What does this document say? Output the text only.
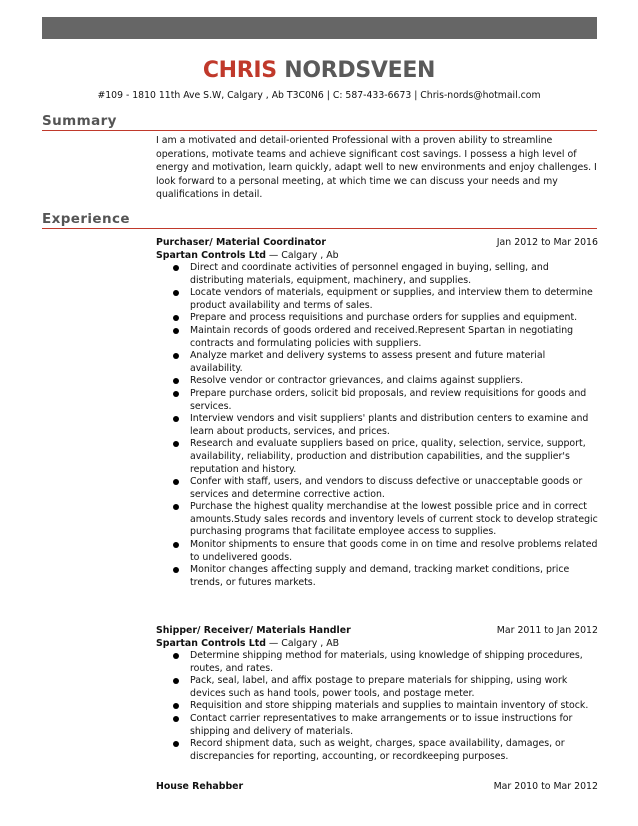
CHRIS NORDSVEEN
#109 - 1810 11th Ave S.W, Calgary , Ab T3C0N6 | C: 587-433-6673 | Chris-nords@hotmail.com
Summary
I am a motivated and detail-oriented Professional with a proven ability to streamline operations, motivate teams and achieve significant cost savings. I possess a high level of energy and motivation, learn quickly, adapt well to new environments and enjoy challenges. I look forward to a personal meeting, at which time we can discuss your needs and my qualifications in detail.
Experience
Purchaser/ Material Coordinator	Jan 2012 to Mar 2016
Spartan Controls Ltd — Calgary , Ab
Direct and coordinate activities of personnel engaged in buying, selling, and distributing materials, equipment, machinery, and supplies.
Locate vendors of materials, equipment or supplies, and interview them to determine product availability and terms of sales.
Prepare and process requisitions and purchase orders for supplies and equipment.
Maintain records of goods ordered and received.Represent Spartan in negotiating contracts and formulating policies with suppliers.
Analyze market and delivery systems to assess present and future material availability.
Resolve vendor or contractor grievances, and claims against suppliers.
Prepare purchase orders, solicit bid proposals, and review requisitions for goods and services.
Interview vendors and visit suppliers' plants and distribution centers to examine and learn about products, services, and prices.
Research and evaluate suppliers based on price, quality, selection, service, support, availability, reliability, production and distribution capabilities, and the supplier's reputation and history.
Confer with staff, users, and vendors to discuss defective or unacceptable goods or services and determine corrective action.
Purchase the highest quality merchandise at the lowest possible price and in correct amounts.Study sales records and inventory levels of current stock to develop strategic purchasing programs that facilitate employee access to supplies.
Monitor shipments to ensure that goods come in on time and resolve problems related to undelivered goods.
Monitor changes affecting supply and demand, tracking market conditions, price trends, or futures markets.
Shipper/ Receiver/ Materials Handler	Mar 2011 to Jan 2012
Spartan Controls Ltd — Calgary , AB
Determine shipping method for materials, using knowledge of shipping procedures, routes, and rates.
Pack, seal, label, and affix postage to prepare materials for shipping, using work devices such as hand tools, power tools, and postage meter.
Requisition and store shipping materials and supplies to maintain inventory of stock.
Contact carrier representatives to make arrangements or to issue instructions for shipping and delivery of materials.
Record shipment data, such as weight, charges, space availability, damages, or discrepancies for reporting, accounting, or recordkeeping purposes.
House Rehabber	Mar 2010 to Mar 2012
